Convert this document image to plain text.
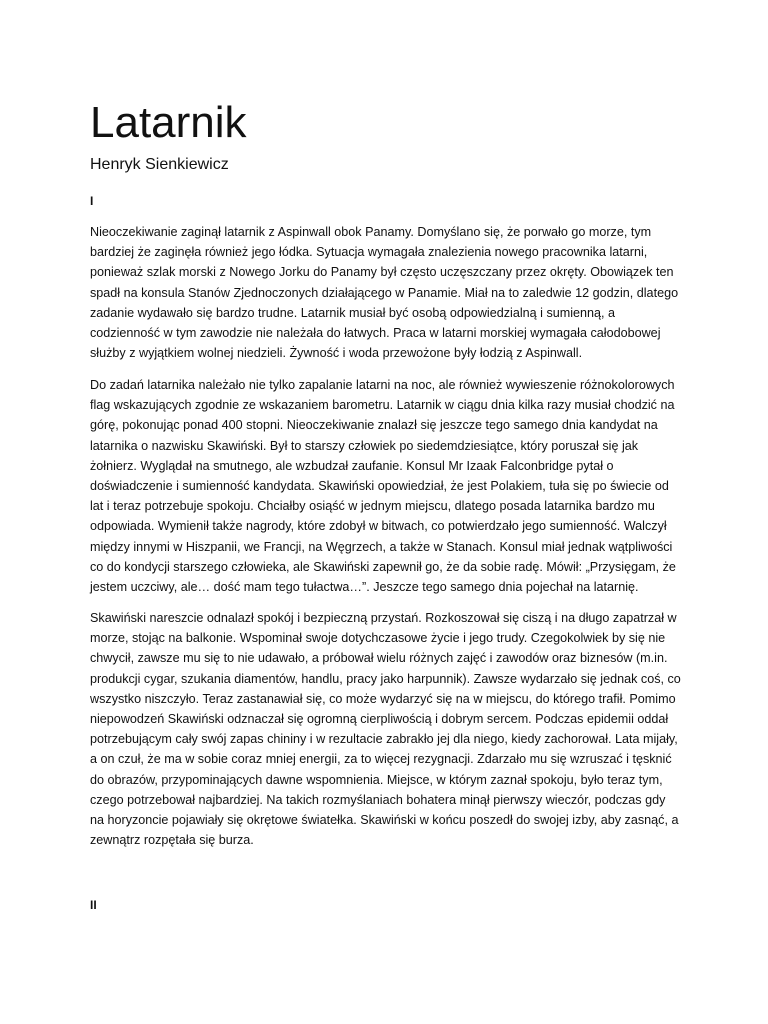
Latarnik
Henryk Sienkiewicz
I

Nieoczekiwanie zaginął latarnik z Aspinwall obok Panamy. Domyślano się, że porwało go morze, tym
bardziej że zaginęła również jego łódka. Sytuacja wymagała znalezienia nowego pracownika latarni,
ponieważ szlak morski z Nowego Jorku do Panamy był często uczęszczany przez okręty. Obowiązek ten
spadł na konsula Stanów Zjednoczonych działającego w Panamie. Miał na to zaledwie 12 godzin, dlatego
zadanie wydawało się bardzo trudne. Latarnik musiał być osobą odpowiedzialną i sumienną, a
codzienność w tym zawodzie nie należała do łatwych. Praca w latarni morskiej wymagała całodobowej
służby z wyjątkiem wolnej niedzieli. Żywność i woda przewożone były łodzią z Aspinwall.

Do zadań latarnika należało nie tylko zapalanie latarni na noc, ale również wywieszenie różnokolorowych
flag wskazujących zgodnie ze wskazaniem barometru. Latarnik w ciągu dnia kilka razy musiał chodzić na
górę, pokonując ponad 400 stopni. Nieoczekiwanie znalazł się jeszcze tego samego dnia kandydat na
latarnika o nazwisku Skawiński. Był to starszy człowiek po siedemdziesiątce, który poruszał się jak
żołnierz. Wyglądał na smutnego, ale wzbudzał zaufanie. Konsul Mr Izaak Falconbridge pytał o
doświadczenie i sumienność kandydata. Skawiński opowiedział, że jest Polakiem, tuła się po świecie od
lat i teraz potrzebuje spokoju. Chciałby osiąść w jednym miejscu, dlatego posada latarnika bardzo mu
odpowiada. Wymienił także nagrody, które zdobył w bitwach, co potwierdzało jego sumienność. Walczył
między innymi w Hiszpanii, we Francji, na Węgrzech, a także w Stanach. Konsul miał jednak wątpliwości
co do kondycji starszego człowieka, ale Skawiński zapewnił go, że da sobie radę. Mówił: „Przysięgam, że
jestem uczciwy, ale… dość mam tego tułactwa…”. Jeszcze tego samego dnia pojechał na latarnię.

Skawiński nareszcie odnalazł spokój i bezpieczną przystań. Rozkoszował się ciszą i na długo zapatrzał w
morze, stojąc na balkonie. Wspominał swoje dotychczasowe życie i jego trudy. Czegokolwiek by się nie
chwycił, zawsze mu się to nie udawało, a próbował wielu różnych zajęć i zawodów oraz biznesów (m.in.
produkcji cygar, szukania diamentów, handlu, pracy jako harpunnik). Zawsze wydarzało się jednak coś, co
wszystko niszczyło. Teraz zastanawiał się, co może wydarzyć się na w miejscu, do którego trafił. Pomimo
niepowodzeń Skawiński odznaczał się ogromną cierpliwością i dobrym sercem. Podczas epidemii oddał
potrzebującym cały swój zapas chininy i w rezultacie zabrakło jej dla niego, kiedy zachorował. Lata mijały,
a on czuł, że ma w sobie coraz mniej energii, za to więcej rezygnacji. Zdarzało mu się wzruszać i tęsknić
do obrazów, przypominających dawne wspomnienia. Miejsce, w którym zaznał spokoju, było teraz tym,
czego potrzebował najbardziej. Na takich rozmyślaniach bohatera minął pierwszy wieczór, podczas gdy
na horyzoncie pojawiały się okrętowe światełka. Skawiński w końcu poszedł do swojej izby, aby zasnąć, a
zewnątrz rozpętała się burza.

II
